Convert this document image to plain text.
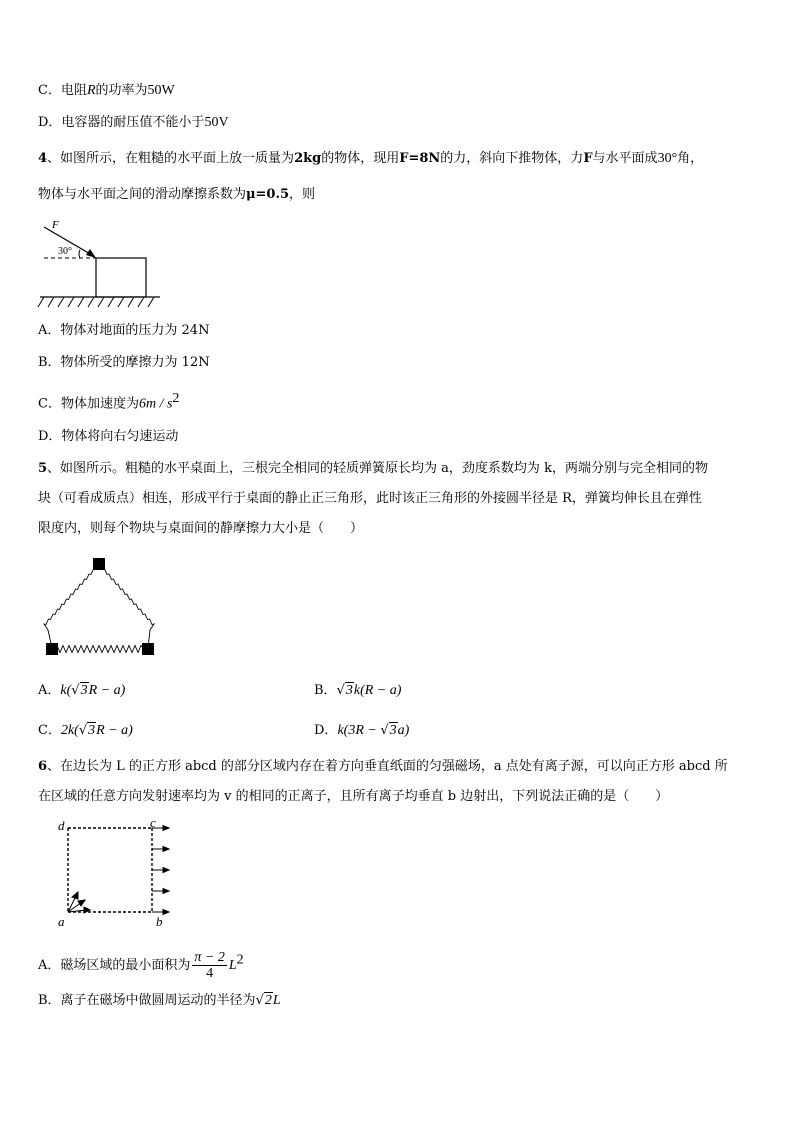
C．电阻R的功率为50W
D．电容器的耐压值不能小于50V
4、如图所示，在粗糙的水平面上放一质量为2kg的物体，现用F=8N的力，斜向下推物体，力F与水平面成30°角，
物体与水平面之间的滑动摩擦系数为μ=0.5，则
F
30°
A．物体对地面的压力为 24N
B．物体所受的摩擦力为 12N
C．物体加速度为$6m / s^2$
D．物体将向右匀速运动
5、如图所示。粗糙的水平桌面上，三根完全相同的轻质弹簧原长均为 a，劲度系数均为 k，两端分别与完全相同的物
块（可看成质点）相连，形成平行于桌面的静止正三角形，此时该正三角形的外接圆半径是 R，弹簧均伸长且在弹性
限度内，则每个物块与桌面间的静摩擦力大小是（　　）
A．k(√3R − a)	B．√3k(R − a)
C．2k(√3R − a)	D．k(3R − √3a)
6、在边长为 L 的正方形 abcd 的部分区域内存在着方向垂直纸面的匀强磁场，a 点处有离子源，可以向正方形 abcd 所
在区域的任意方向发射速率均为 v 的相同的正离子，且所有离子均垂直 b 边射出，下列说法正确的是（　　）
d	c
a	b
A．磁场区域的最小面积为 $\frac{\pi - 2}{4} L^2$
B．离子在磁场中做圆周运动的半径为√2L
